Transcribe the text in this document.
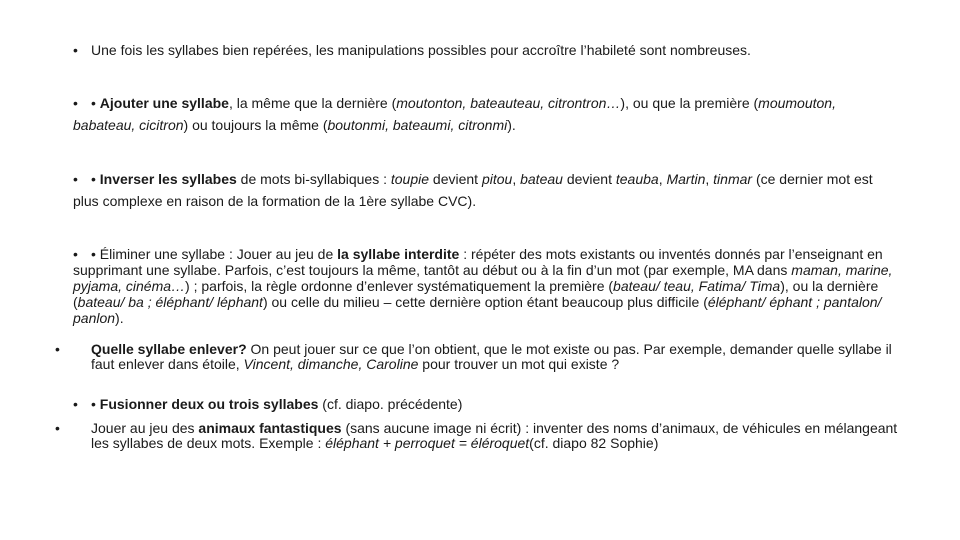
• Une fois les syllabes bien repérées, les manipulations possibles pour accroître l’habileté sont nombreuses.
• • Ajouter une syllabe, la même que la dernière (moutonton, bateauteau, citrontron…), ou que la première (moumouton, babateau, cicitron) ou toujours la même (boutonmi, bateaumi, citronmi).
• • Inverser les syllabes de mots bi-syllabiques : toupie devient pitou, bateau devient teauba, Martin, tinmar (ce dernier mot est plus complexe en raison de la formation de la 1ère syllabe CVC).
• • Éliminer une syllabe : Jouer au jeu de la syllabe interdite : répéter des mots existants ou inventés donnés par l’enseignant en supprimant une syllabe. Parfois, c’est toujours la même, tantôt au début ou à la fin d’un mot (par exemple, MA dans maman, marine, pyjama, cinéma…) ; parfois, la règle ordonne d’enlever systématiquement la première (bateau/ teau, Fatima/ Tima), ou la dernière (bateau/ ba ; éléphant/ léphant) ou celle du milieu – cette dernière option étant beaucoup plus difficile (éléphant/ éphant ; pantalon/ panlon).
• Quelle syllabe enlever? On peut jouer sur ce que l’on obtient, que le mot existe ou pas. Par exemple, demander quelle syllabe il faut enlever dans étoile, Vincent, dimanche, Caroline pour trouver un mot qui existe ?
• • Fusionner deux ou trois syllabes (cf. diapo. précédente)
• Jouer au jeu des animaux fantastiques (sans aucune image ni écrit) : inventer des noms d’animaux, de véhicules en mélangeant les syllabes de deux mots. Exemple : éléphant + perroquet = éléroquet(cf. diapo 82 Sophie)
